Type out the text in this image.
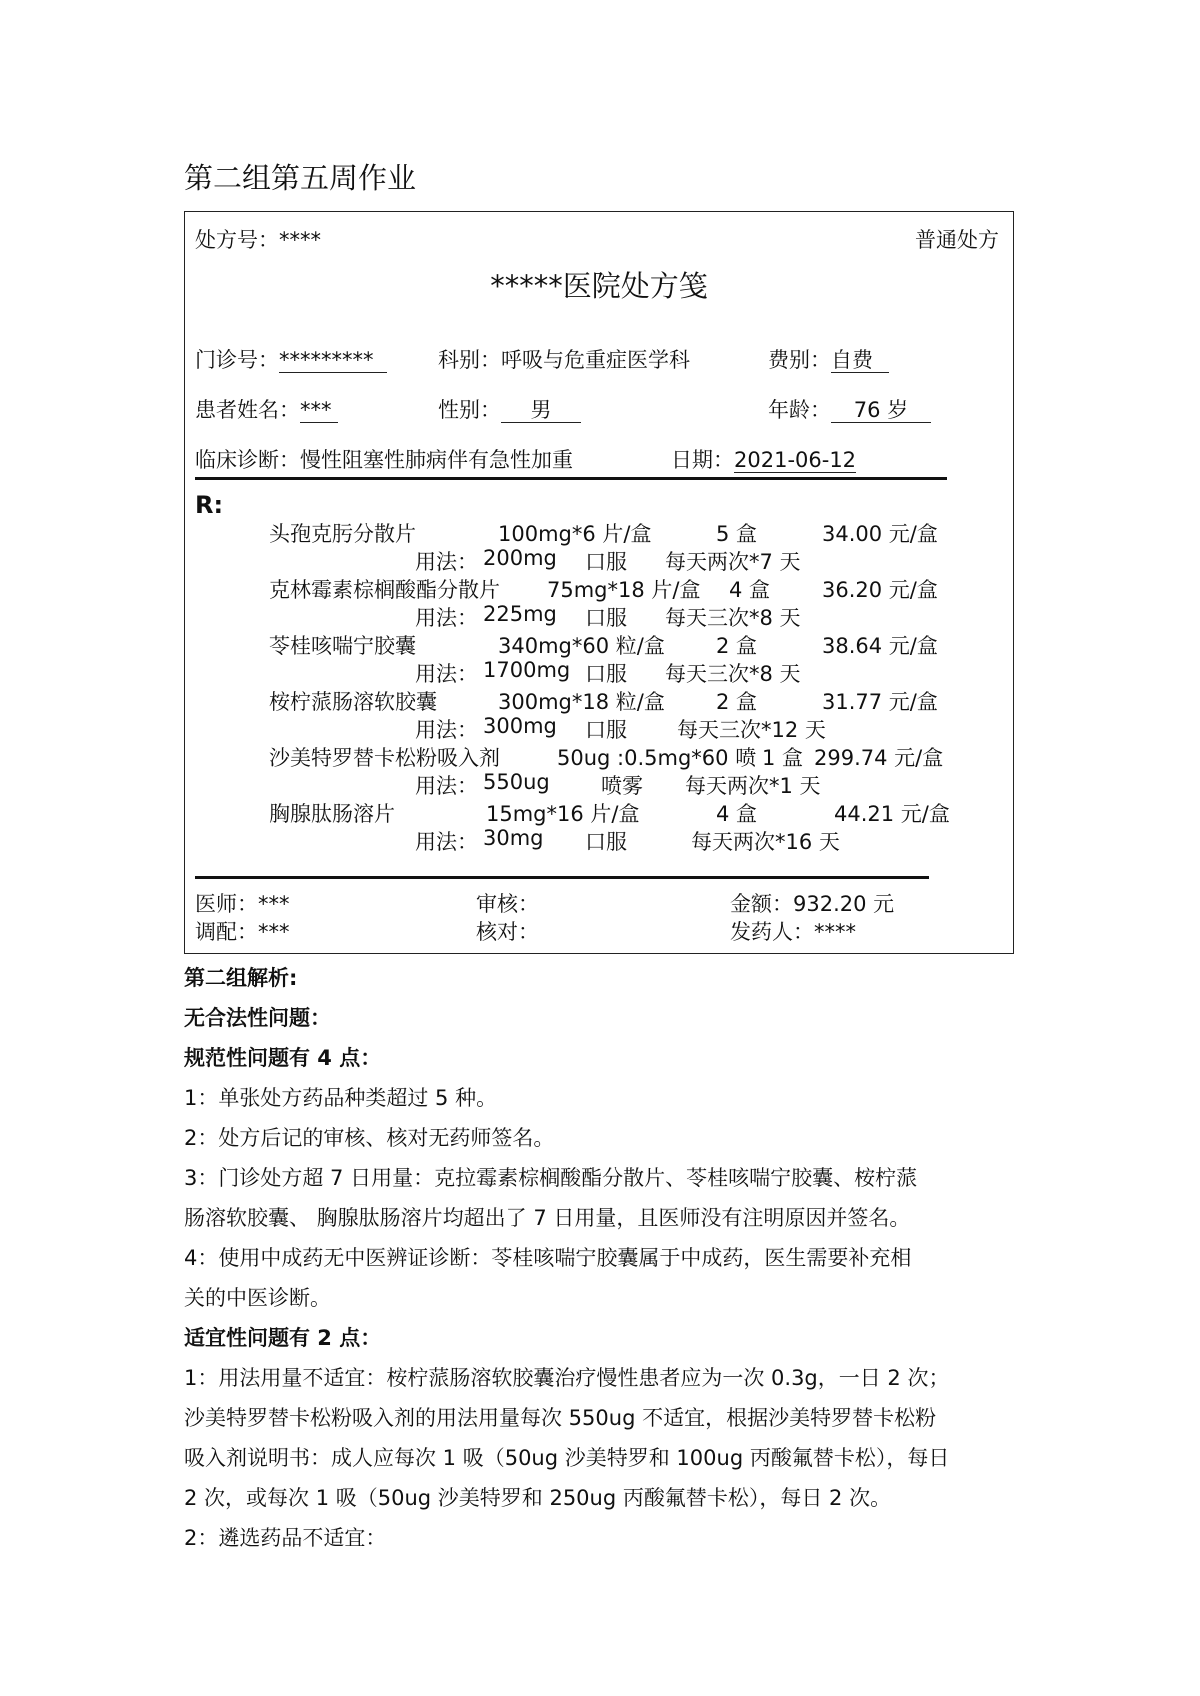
第二组第五周作业
处方号：****	普通处方
*****医院处方笺
门诊号：*********	科别：呼吸与危重症医学科	费别：自费
患者姓名：***	性别： 男	年龄： 76 岁
临床诊断：慢性阻塞性肺病伴有急性加重	日期：2021-06-12
R:
头孢克肟分散片	100mg*6 片/盒	5 盒	34.00 元/盒
用法： 200mg 口服 每天两次*7 天
克林霉素棕榈酸酯分散片 75mg*18 片/盒 4 盒 36.20 元/盒
用法： 225mg 口服 每天三次*8 天
苓桂咳喘宁胶囊	340mg*60 粒/盒 2 盒	38.64 元/盒
用法： 1700mg 口服 每天三次*8 天
桉柠蒎肠溶软胶囊	300mg*18 粒/盒 2 盒	31.77 元/盒
用法： 300mg 口服 每天三次*12 天
沙美特罗替卡松粉吸入剂	50ug :0.5mg*60 喷 1 盒 299.74 元/盒
用法： 550ug 喷雾 每天两次*1 天
胸腺肽肠溶片	15mg*16 片/盒	4 盒	44.21 元/盒
用法： 30mg 口服	每天两次*16 天
医师：***	审核：	金额：932.20 元
调配：***	核对：	发药人：****
第二组解析:
无合法性问题：
规范性问题有 4 点：
1：单张处方药品种类超过 5 种。
2：处方后记的审核、核对无药师签名。
3：门诊处方超 7 日用量：克拉霉素棕榈酸酯分散片、苓桂咳喘宁胶囊、桉柠蒎
肠溶软胶囊、 胸腺肽肠溶片均超出了 7 日用量，且医师没有注明原因并签名。
4：使用中成药无中医辨证诊断：苓桂咳喘宁胶囊属于中成药，医生需要补充相
关的中医诊断。
适宜性问题有 2 点：
1：用法用量不适宜：桉柠蒎肠溶软胶囊治疗慢性患者应为一次 0.3g，一日 2 次；
沙美特罗替卡松粉吸入剂的用法用量每次 550ug 不适宜，根据沙美特罗替卡松粉
吸入剂说明书：成人应每次 1 吸（50ug 沙美特罗和 100ug 丙酸氟替卡松），每日
2 次，或每次 1 吸（50ug 沙美特罗和 250ug 丙酸氟替卡松），每日 2 次。
2：遴选药品不适宜：
